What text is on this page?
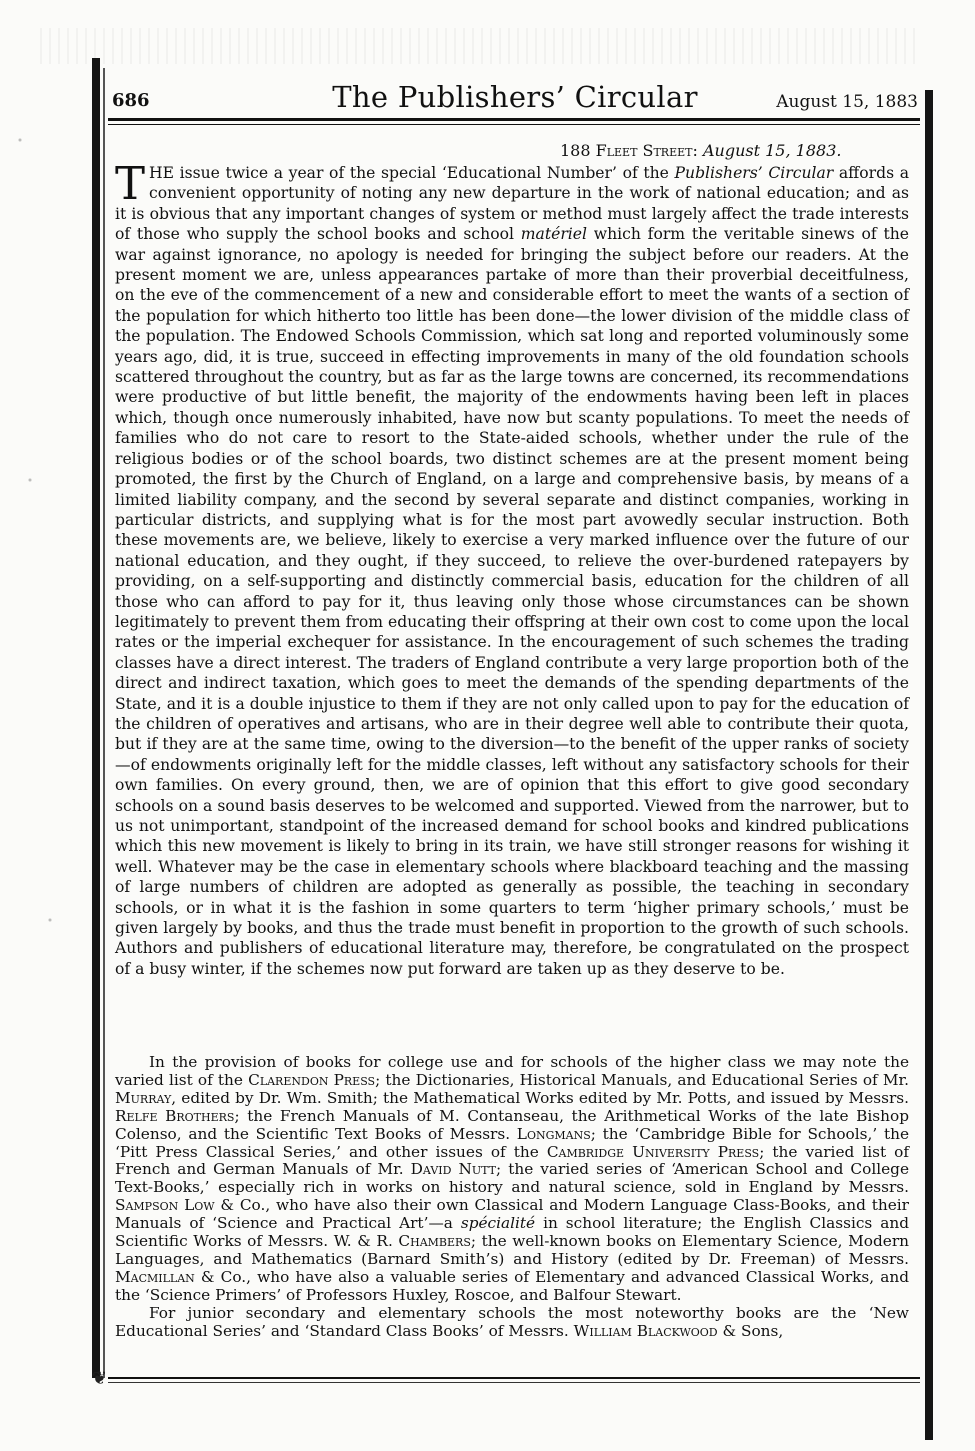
686	The Publishers’ Circular	August 15, 1883
188 Fleet Street: August 15, 1883.

THE issue twice a year of the special ‘Educational Number’ of the Publishers’ Circular affords a convenient opportunity of noting any new departure in the work of national education; and as it is obvious that any important changes of system or method must largely affect the trade interests of those who supply the school books and school matériel which form the veritable sinews of the war against ignorance, no apology is needed for bringing the subject before our readers. At the present moment we are, unless appearances partake of more than their proverbial deceitfulness, on the eve of the commencement of a new and considerable effort to meet the wants of a section of the population for which hitherto too little has been done—the lower division of the middle class of the population. The Endowed Schools Commission, which sat long and reported voluminously some years ago, did, it is true, succeed in effecting improvements in many of the old foundation schools scattered throughout the country, but as far as the large towns are concerned, its recommendations were productive of but little benefit, the majority of the endowments having been left in places which, though once numerously inhabited, have now but scanty populations. To meet the needs of families who do not care to resort to the State-aided schools, whether under the rule of the religious bodies or of the school boards, two distinct schemes are at the present moment being promoted, the first by the Church of England, on a large and comprehensive basis, by means of a limited liability company, and the second by several separate and distinct companies, working in particular districts, and supplying what is for the most part avowedly secular instruction. Both these movements are, we believe, likely to exercise a very marked influence over the future of our national education, and they ought, if they succeed, to relieve the over-burdened ratepayers by providing, on a self-supporting and distinctly commercial basis, education for the children of all those who can afford to pay for it, thus leaving only those whose circumstances can be shown legitimately to prevent them from educating their offspring at their own cost to come upon the local rates or the imperial exchequer for assistance. In the encouragement of such schemes the trading classes have a direct interest. The traders of England contribute a very large proportion both of the direct and indirect taxation, which goes to meet the demands of the spending departments of the State, and it is a double injustice to them if they are not only called upon to pay for the education of the children of operatives and artisans, who are in their degree well able to contribute their quota, but if they are at the same time, owing to the diversion—to the benefit of the upper ranks of society—of endowments originally left for the middle classes, left without any satisfactory schools for their own families. On every ground, then, we are of opinion that this effort to give good secondary schools on a sound basis deserves to be welcomed and supported. Viewed from the narrower, but to us not unimportant, standpoint of the increased demand for school books and kindred publications which this new movement is likely to bring in its train, we have still stronger reasons for wishing it well. Whatever may be the case in elementary schools where blackboard teaching and the massing of large numbers of children are adopted as generally as possible, the teaching in secondary schools, or in what it is the fashion in some quarters to term ‘higher primary schools,’ must be given largely by books, and thus the trade must benefit in proportion to the growth of such schools. Authors and publishers of educational literature may, therefore, be congratulated on the prospect of a busy winter, if the schemes now put forward are taken up as they deserve to be.

In the provision of books for college use and for schools of the higher class we may note the varied list of the Clarendon Press; the Dictionaries, Historical Manuals, and Educational Series of Mr. Murray, edited by Dr. Wm. Smith; the Mathematical Works edited by Mr. Potts, and issued by Messrs. Relfe Brothers; the French Manuals of M. Contanseau, the Arithmetical Works of the late Bishop Colenso, and the Scientific Text Books of Messrs. Longmans; the ‘Cambridge Bible for Schools,’ the ‘Pitt Press Classical Series,’ and other issues of the Cambridge University Press; the varied list of French and German Manuals of Mr. David Nutt; the varied series of ‘American School and College Text-Books,’ especially rich in works on history and natural science, sold in England by Messrs. Sampson Low & Co., who have also their own Classical and Modern Language Class-Books, and their Manuals of ‘Science and Practical Art’—a spécialité in school literature; the English Classics and Scientific Works of Messrs. W. & R. Chambers; the well-known books on Elementary Science, Modern Languages, and Mathematics (Barnard Smith’s) and History (edited by Dr. Freeman) of Messrs. Macmillan & Co., who have also a valuable series of Elementary and advanced Classical Works, and the ‘Science Primers’ of Professors Huxley, Roscoe, and Balfour Stewart.
For junior secondary and elementary schools the most noteworthy books are the ‘New Educational Series’ and ‘Standard Class Books’ of Messrs. William Blackwood & Sons,

❦
